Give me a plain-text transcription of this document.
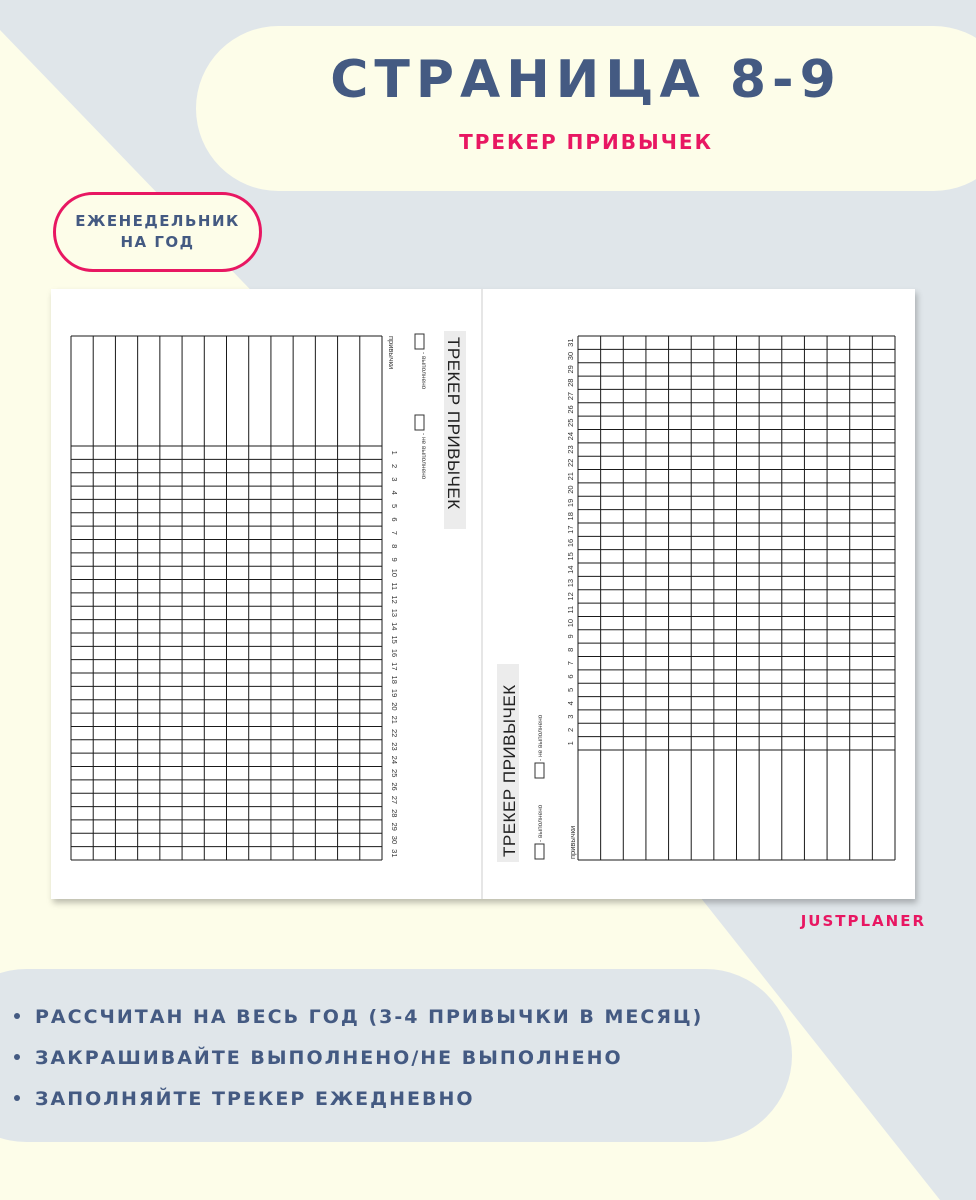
СТРАНИЦА 8-9
ТРЕКЕР ПРИВЫЧЕК
ЕЖЕНЕДЕЛЬНИК
НА ГОД
1
2
3
4
5
6
7
8
9
10
11
12
13
14
15
16
17
18
19
20
21
22
23
24
25
26
27
28
29
30
31
привычки	- выполнено
- не выполнено ТРЕКЕР ПРИВЫЧЕК
1
2
3
4
5
6
7
8
9
10
11
12
13
14
15
16
17
18
19
20
21
22
23
24
25
26
27
28
29
30
31
привычки
- выполнено
- не выполнено
ТРЕКЕР ПРИВЫЧЕК
JUSTPLANER
РАССЧИТАН НА ВЕСЬ ГОД (3-4 ПРИВЫЧКИ В МЕСЯЦ)
ЗАКРАШИВАЙТЕ ВЫПОЛНЕНО/НЕ ВЫПОЛНЕНО
ЗАПОЛНЯЙТЕ ТРЕКЕР ЕЖЕДНЕВНО
